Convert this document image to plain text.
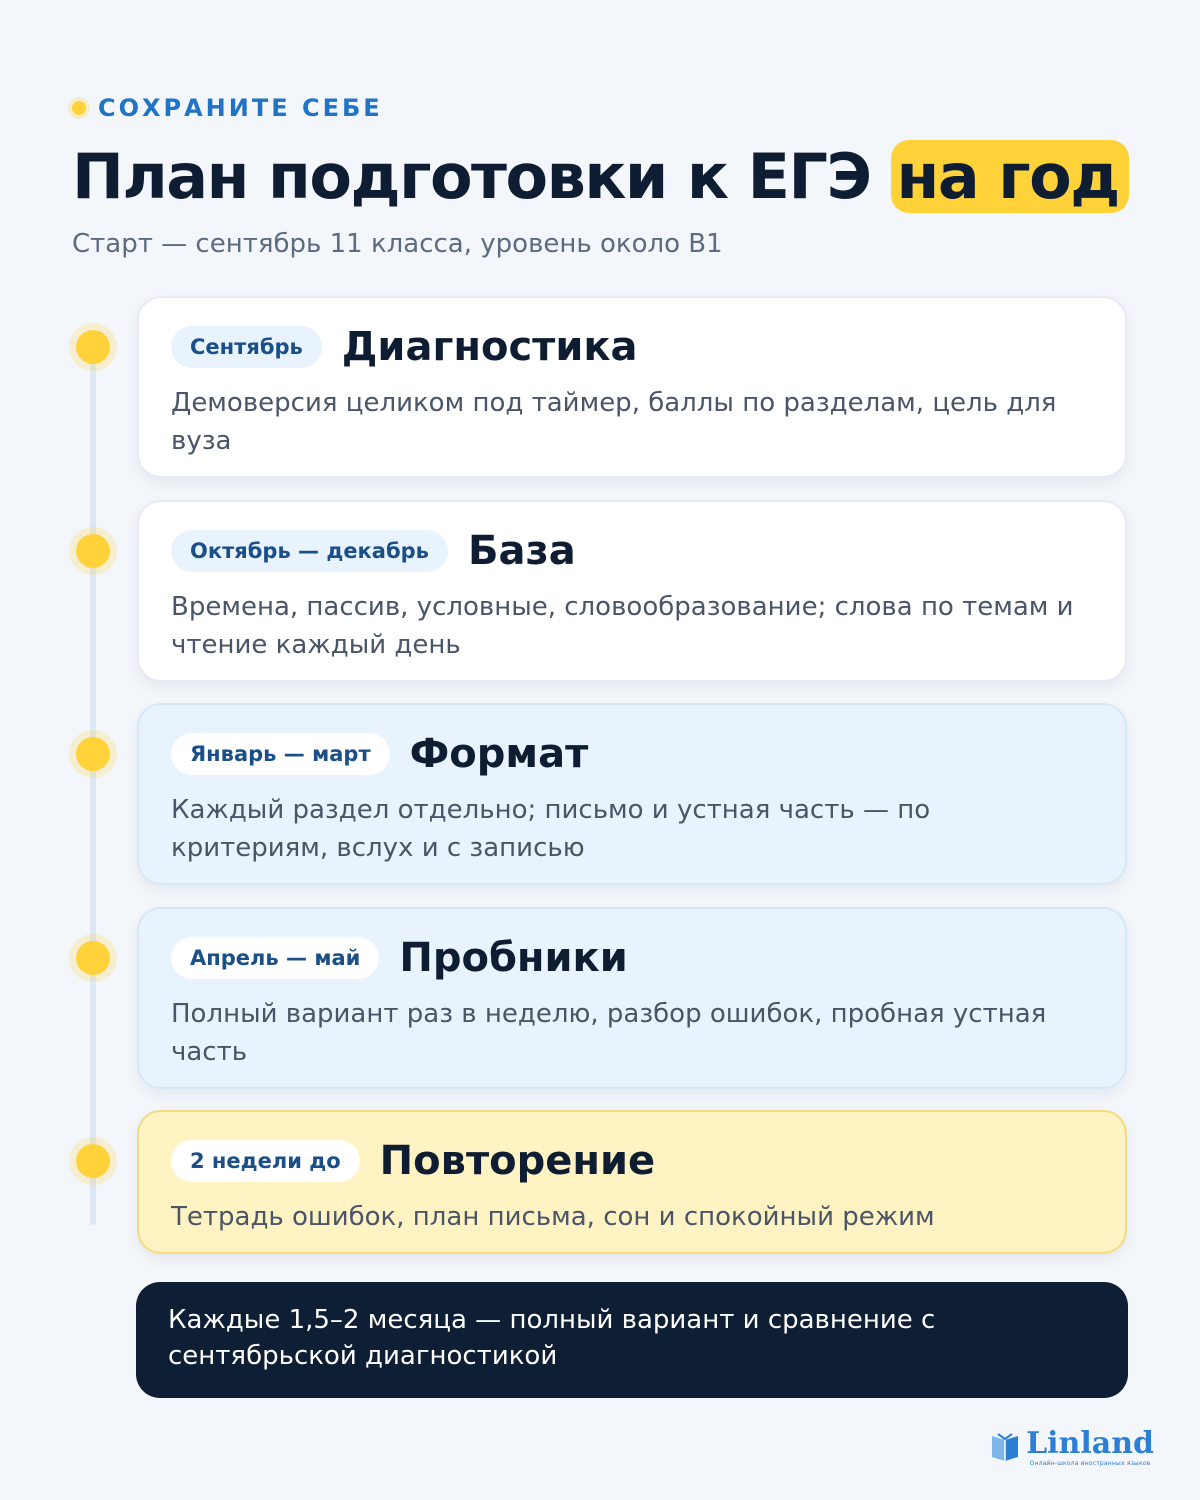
СОХРАНИТЕ СЕБЕ
План подготовки к ЕГЭ на год
Старт — сентябрь 11 класса, уровень около B1
Сентябрь Диагностика
Демоверсия целиком под таймер, баллы по разделам, цель для вуза
Октябрь — декабрь База
Времена, пассив, условные, словообразование; слова по темам и чтение каждый день
Январь — март Формат
Каждый раздел отдельно; письмо и устная часть — по критериям, вслух и с записью
Апрель — май Пробники
Полный вариант раз в неделю, разбор ошибок, пробная устная часть
2 недели до Повторение
Тетрадь ошибок, план письма, сон и спокойный режим
Каждые 1,5–2 месяца — полный вариант и сравнение с сентябрьской диагностикой
Linland
Онлайн-школа иностранных языков
